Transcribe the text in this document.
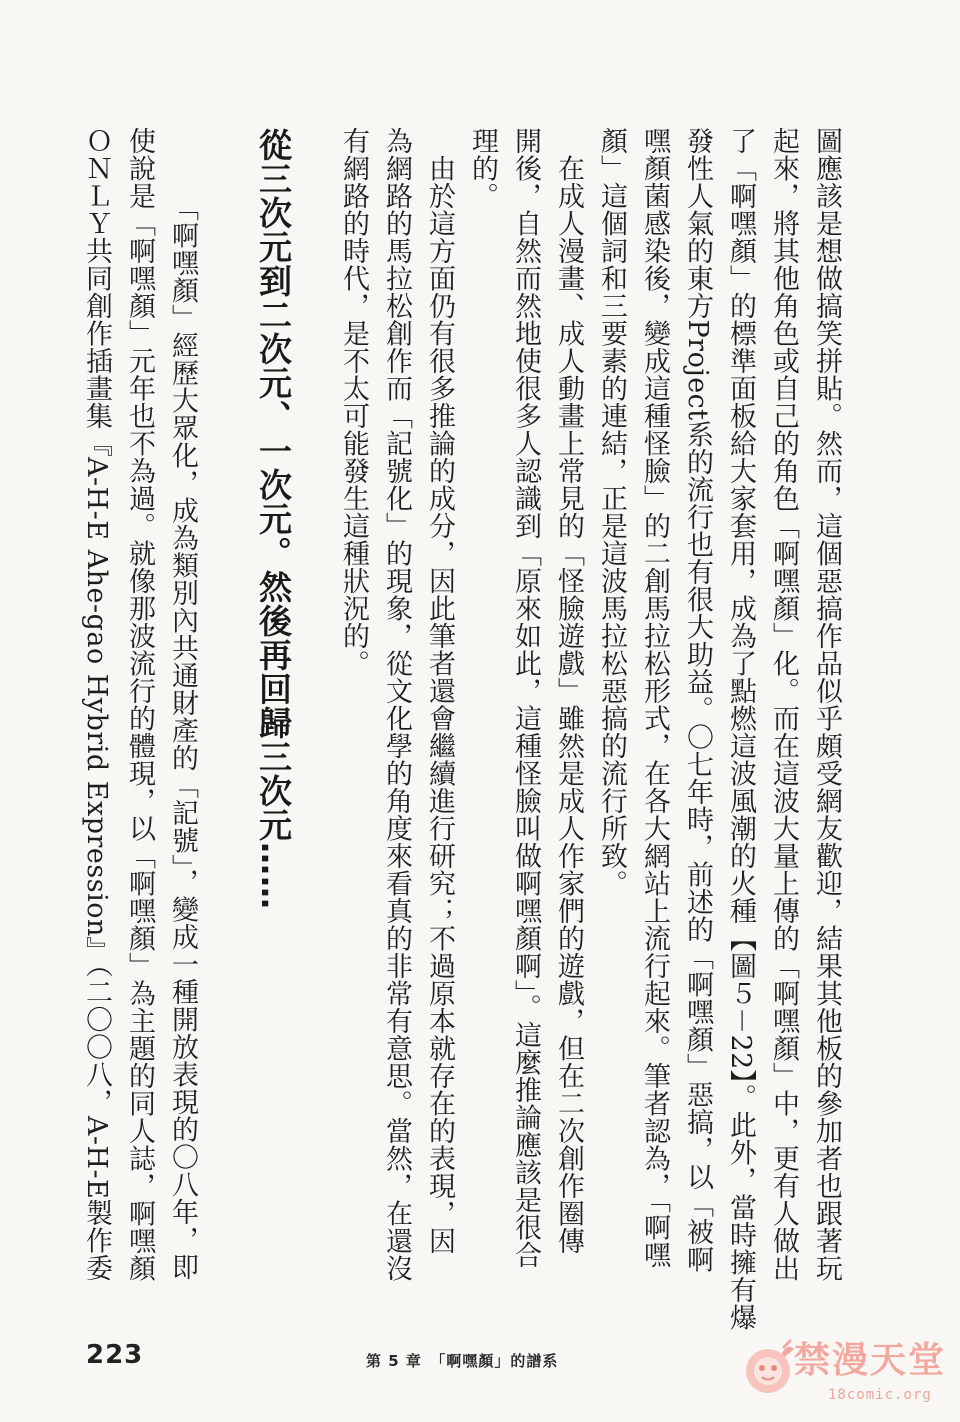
圖應該是想做搞笑拼貼。然而，這個惡搞作品似乎頗受網友歡迎，結果其他板的參加者也跟著玩
起來，將其他角色或自己的角色「啊嘿顏」化。而在這波大量上傳的「啊嘿顏」中，更有人做出
了「啊嘿顏」的標準面板給大家套用，成為了點燃這波風潮的火種【圖５－22】。此外，當時擁有爆
發性人氣的東方Project系的流行也有很大助益。〇七年時，前述的「啊嘿顏」惡搞，以「被啊
嘿顏菌感染後，變成這種怪臉」的二創馬拉松形式，在各大網站上流行起來。筆者認為，「啊嘿
顏」這個詞和三要素的連結，正是這波馬拉松惡搞的流行所致。
　在成人漫畫、成人動畫上常見的「怪臉遊戲」雖然是成人作家們的遊戲，但在二次創作圈傳
開後，自然而然地使很多人認識到「原來如此，這種怪臉叫做啊嘿顏啊」。這麼推論應該是很合
理的。
　由於這方面仍有很多推論的成分，因此筆者還會繼續進行研究；不過原本就存在的表現，因
為網路的馬拉松創作而「記號化」的現象，從文化學的角度來看真的非常有意思。當然，在還沒
有網路的時代，是不太可能發生這種狀況的。
從三次元到二次元、一次元。然後再回歸三次元……
　「啊嘿顏」經歷大眾化，成為類別內共通財產的「記號」，變成一種開放表現的〇八年，即
使說是「啊嘿顏」元年也不為過。就像那波流行的體現，以「啊嘿顏」為主題的同人誌，啊嘿顏
ＯＮＬＹ共同創作插畫集『A-H-E Ahe-gao Hybrid Expression』（二〇〇八，A-H-E製作委
223	第 5 章　「啊嘿顏」的譜系	禁漫天堂
18comic.org
